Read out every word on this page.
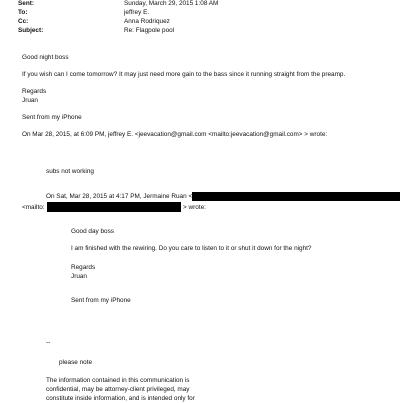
Sent:	Sunday, March 29, 2015 1:08 AM
To:	jeffrey E.
Cc:	Anna Rodriquez
Subject:	Re: Flagpole pool
Good night boss
If you wish can I come tomorrow? It may just need more gain to the bass since it running straight from the preamp.
Regards
Jruan
Sent from my iPhone
On Mar 28, 2015, at 6:09 PM, jeffrey E. <jeevacation@gmail.com <mailto:jeevacation@gmail.com> > wrote:
subs not working
On Sat, Mar 28, 2015 at 4:17 PM, Jermaine Ruan <
<mailto:	> wrote:
Good day boss
I am finished with the rewiring. Do you care to listen to it or shut it down for the night?
Regards
Jruan
Sent from my iPhone
--
please note
The information contained in this communication is
confidential, may be attorney-client privileged, may
constitute inside information, and is intended only for
